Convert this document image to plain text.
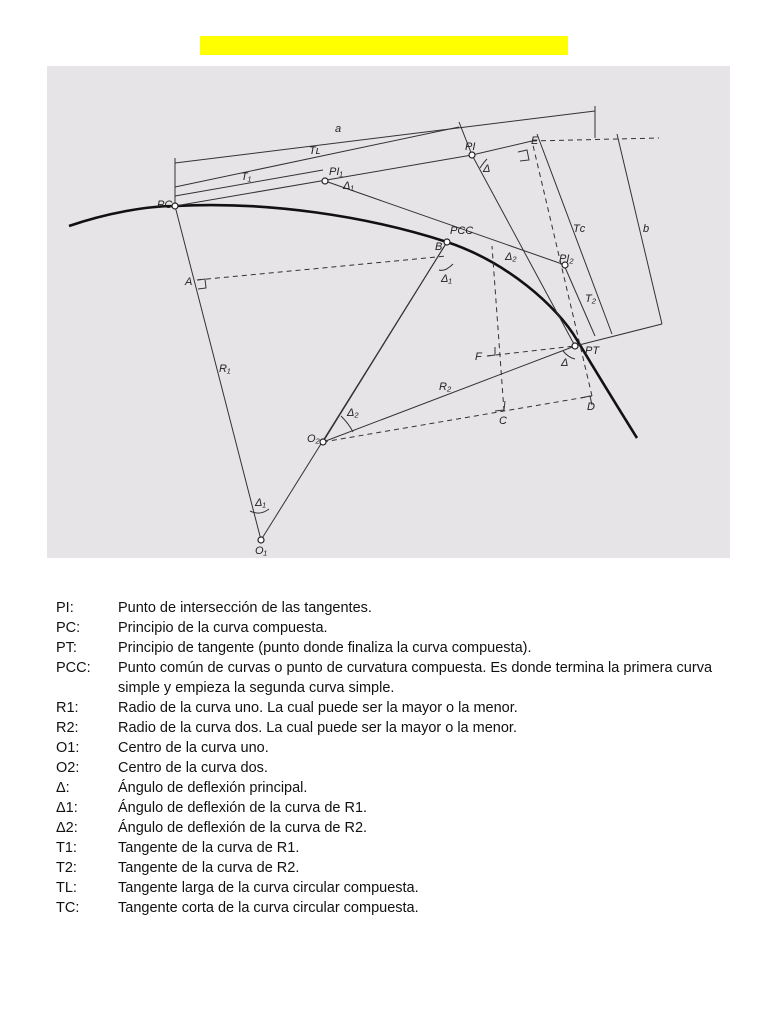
PC
PI
PI₁
PI₂
PCC
PT
O₁
O₂
A
B
C
D
E
F
a
Tʟ
T₁
b
Tᴄ
T₂
R₁
R₂
Δ
Δ
Δ₁
Δ₁
Δ₁
Δ₂
Δ₂
PI:	Punto de intersección de las tangentes.
PC:	Principio de la curva compuesta.
PT:	Principio de tangente (punto donde finaliza la curva compuesta).
PCC:	Punto común de curvas o punto de curvatura compuesta. Es donde termina la primera curva simple y empieza la segunda curva simple.
R1:	Radio de la curva uno. La cual puede ser la mayor o la menor.
R2:	Radio de la curva dos. La cual puede ser la mayor o la menor.
O1:	Centro de la curva uno.
O2:	Centro de la curva dos.
Δ:	Ángulo de deflexión principal.
Δ1:	Ángulo de deflexión de la curva de R1.
Δ2:	Ángulo de deflexión de la curva de R2.
T1:	Tangente de la curva de R1.
T2:	Tangente de la curva de R2.
TL:	Tangente larga de la curva circular compuesta.
TC:	Tangente corta de la curva circular compuesta.
